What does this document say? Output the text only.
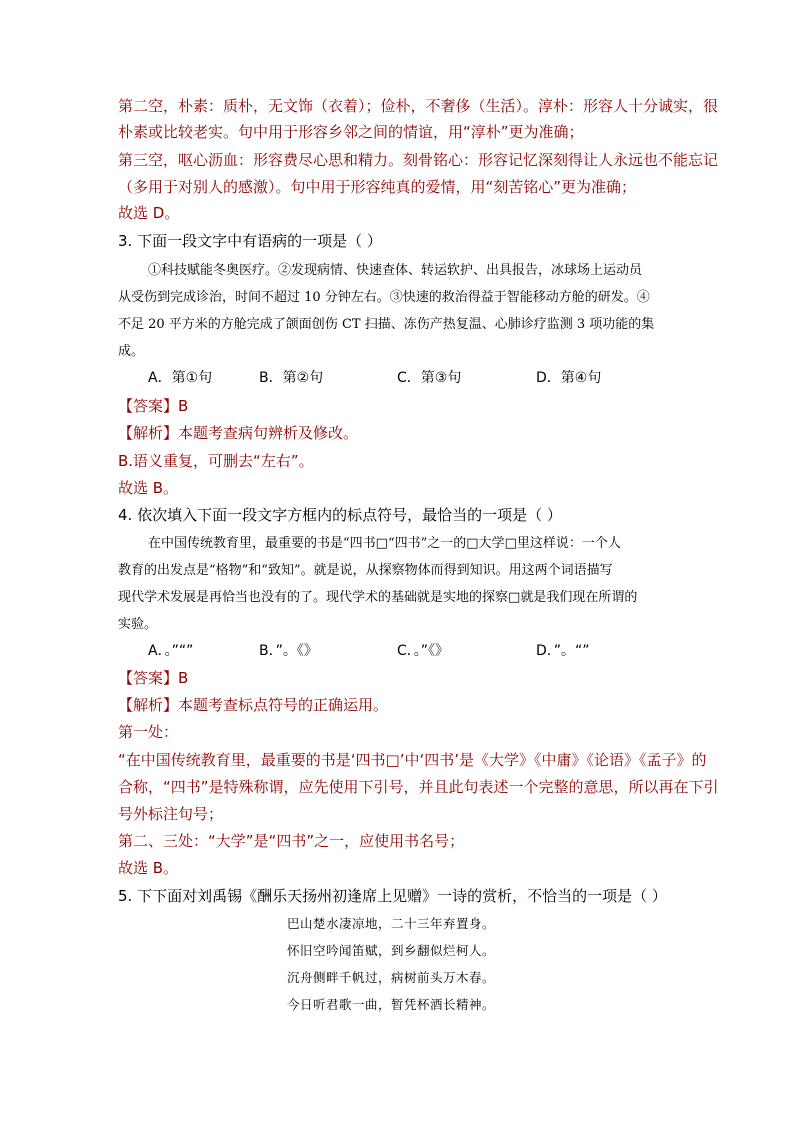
第二空，朴素：质朴，无文饰（衣着）；俭朴，不奢侈（生活）。淳朴：形容人十分诚实，很
朴素或比较老实。句中用于形容乡邻之间的情谊，用“淳朴”更为准确；
第三空，呕心沥血：形容费尽心思和精力。刻骨铭心：形容记忆深刻得让人永远也不能忘记
（多用于对别人的感激）。句中用于形容纯真的爱情，用“刻苦铭心”更为准确；
故选 D。
3. 下面一段文字中有语病的一项是（ ）
①科技赋能冬奥医疗。②发现病情、快速查体、转运软护、出具报告，冰球场上运动员
从受伤到完成诊治，时间不超过 10 分钟左右。③快速的救治得益于智能移动方舱的研发。④
不足 20 平方米的方舱完成了颌面创伤 CT 扫描、冻伤产热复温、心肺诊疗监测 3 项功能的集
成。
A．第①句	B．第②句	C．第③句	D．第④句
【答案】B
【解析】本题考查病句辨析及修改。
B.语义重复，可删去“左右”。
故选 B。
4. 依次填入下面一段文字方框内的标点符号，最恰当的一项是（ ）
在中国传统教育里，最重要的书是“四书□“四书”之一的□大学□里这样说：一个人
教育的出发点是“格物”和“致知”。就是说，从探察物体而得到知识。用这两个词语描写
现代学术发展是再恰当也没有的了。现代学术的基础就是实地的探察□就是我们现在所谓的
实验。
A．。”“”	B．”。《》	C．。”《》	D．”。“”
【答案】B
【解析】本题考查标点符号的正确运用。
第一处：
“在中国传统教育里，最重要的书是‘四书□’中‘四书’是《大学》《中庸》《论语》《孟子》的
合称，“四书”是特殊称谓，应先使用下引号，并且此句表述一个完整的意思，所以再在下引
号外标注句号；
第二、三处：“大学”是“四书”之一，应使用书名号；
故选 B。
5. 下下面对刘禹锡《酬乐天扬州初逢席上见赠》一诗的赏析，不恰当的一项是（ ）
巴山楚水凄凉地，二十三年弃置身。
怀旧空吟闻笛赋，到乡翻似烂柯人。
沉舟侧畔千帆过，病树前头万木春。
今日听君歌一曲，暂凭杯酒长精神。
